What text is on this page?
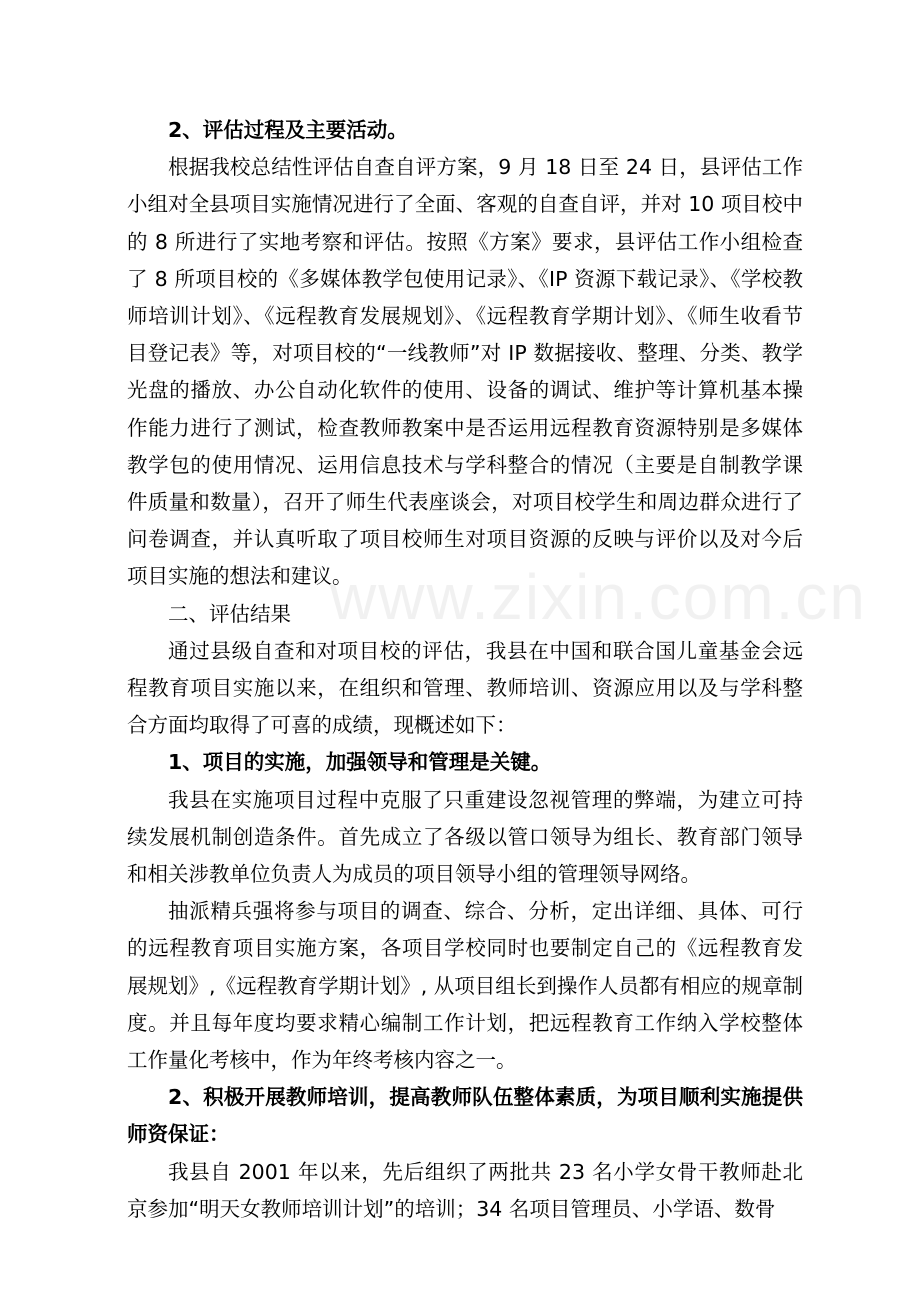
2、评估过程及主要活动。

根据我校总结性评估自查自评方案，9 月 18 日至 24 日，县评估工作小组对全县项目实施情况进行了全面、客观的自查自评，并对 10 项目校中的 8 所进行了实地考察和评估。按照《方案》要求，县评估工作小组检查了 8 所项目校的《多媒体教学包使用记录》、《IP 资源下载记录》、《学校教师培训计划》、《远程教育发展规划》、《远程教育学期计划》、《师生收看节目登记表》等，对项目校的“一线教师”对 IP 数据接收、整理、分类、教学光盘的播放、办公自动化软件的使用、设备的调试、维护等计算机基本操作能力进行了测试，检查教师教案中是否运用远程教育资源特别是多媒体教学包的使用情况、运用信息技术与学科整合的情况（主要是自制教学课件质量和数量），召开了师生代表座谈会，对项目校学生和周边群众进行了问卷调查，并认真听取了项目校师生对项目资源的反映与评价以及对今后项目实施的想法和建议。

二、评估结果

通过县级自查和对项目校的评估，我县在中国和联合国儿童基金会远程教育项目实施以来，在组织和管理、教师培训、资源应用以及与学科整合方面均取得了可喜的成绩，现概述如下：

1、项目的实施，加强领导和管理是关键。

我县在实施项目过程中克服了只重建设忽视管理的弊端，为建立可持续发展机制创造条件。首先成立了各级以管口领导为组长、教育部门领导和相关涉教单位负责人为成员的项目领导小组的管理领导网络。

抽派精兵强将参与项目的调查、综合、分析，定出详细、具体、可行的远程教育项目实施方案，各项目学校同时也要制定自己的《远程教育发展规划》,《远程教育学期计划》, 从项目组长到操作人员都有相应的规章制度。并且每年度均要求精心编制工作计划，把远程教育工作纳入学校整体工作量化考核中，作为年终考核内容之一。

2、积极开展教师培训，提高教师队伍整体素质，为项目顺利实施提供师资保证：

我县自 2001 年以来，先后组织了两批共 23 名小学女骨干教师赴北京参加“明天女教师培训计划”的培训；34 名项目管理员、小学语、数骨

www.zixin.com.cn
